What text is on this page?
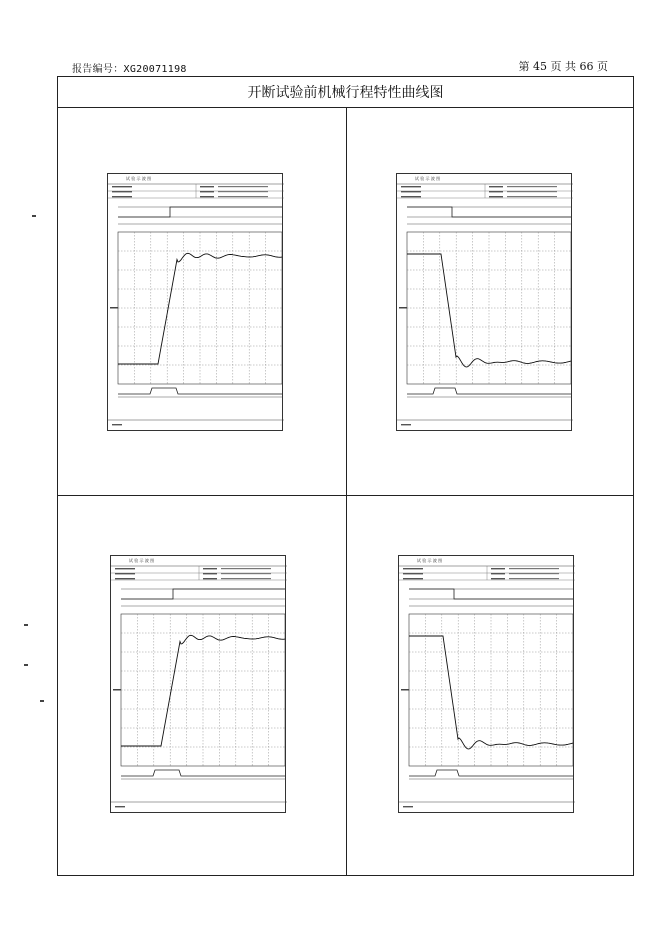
报告编号：XG20071198	第 45 页 共 66 页
开断试验前机械行程特性曲线图
试 验 示 波 图	试 验 示 波 图
试 验 示 波 图	试 验 示 波 图
